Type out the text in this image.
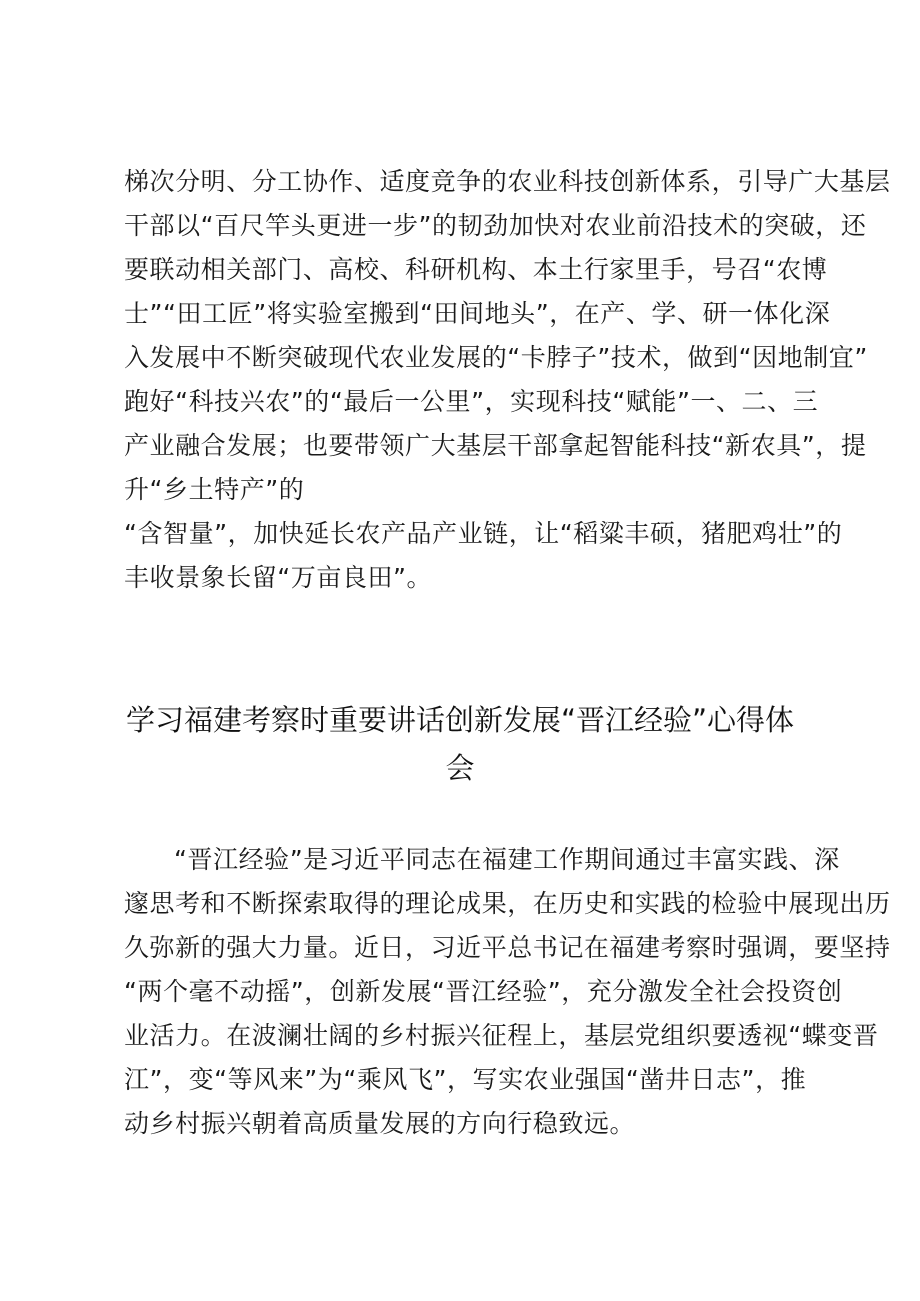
梯次分明、分工协作、适度竞争的农业科技创新体系，引导广大基层
干部以“百尺竿头更进一步”的韧劲加快对农业前沿技术的突破，还
要联动相关部门、高校、科研机构、本土行家里手，号召“农博
士”“田工匠”将实验室搬到“田间地头”，在产、学、研一体化深
入发展中不断突破现代农业发展的“卡脖子”技术，做到“因地制宜”
跑好“科技兴农”的“最后一公里”，实现科技“赋能”一、二、三
产业融合发展；也要带领广大基层干部拿起智能科技“新农具”，提
升“乡土特产”的
“含智量”，加快延长农产品产业链，让“稻粱丰硕，猪肥鸡壮”的
丰收景象长留“万亩良田”。
学习福建考察时重要讲话创新发展“晋江经验”心得体
会
“晋江经验”是习近平同志在福建工作期间通过丰富实践、深
邃思考和不断探索取得的理论成果，在历史和实践的检验中展现出历
久弥新的强大力量。近日，习近平总书记在福建考察时强调，要坚持
“两个毫不动摇”，创新发展“晋江经验”，充分激发全社会投资创
业活力。在波澜壮阔的乡村振兴征程上，基层党组织要透视“蝶变晋
江”，变“等风来”为“乘风飞”，写实农业强国“凿井日志”，推
动乡村振兴朝着高质量发展的方向行稳致远。
